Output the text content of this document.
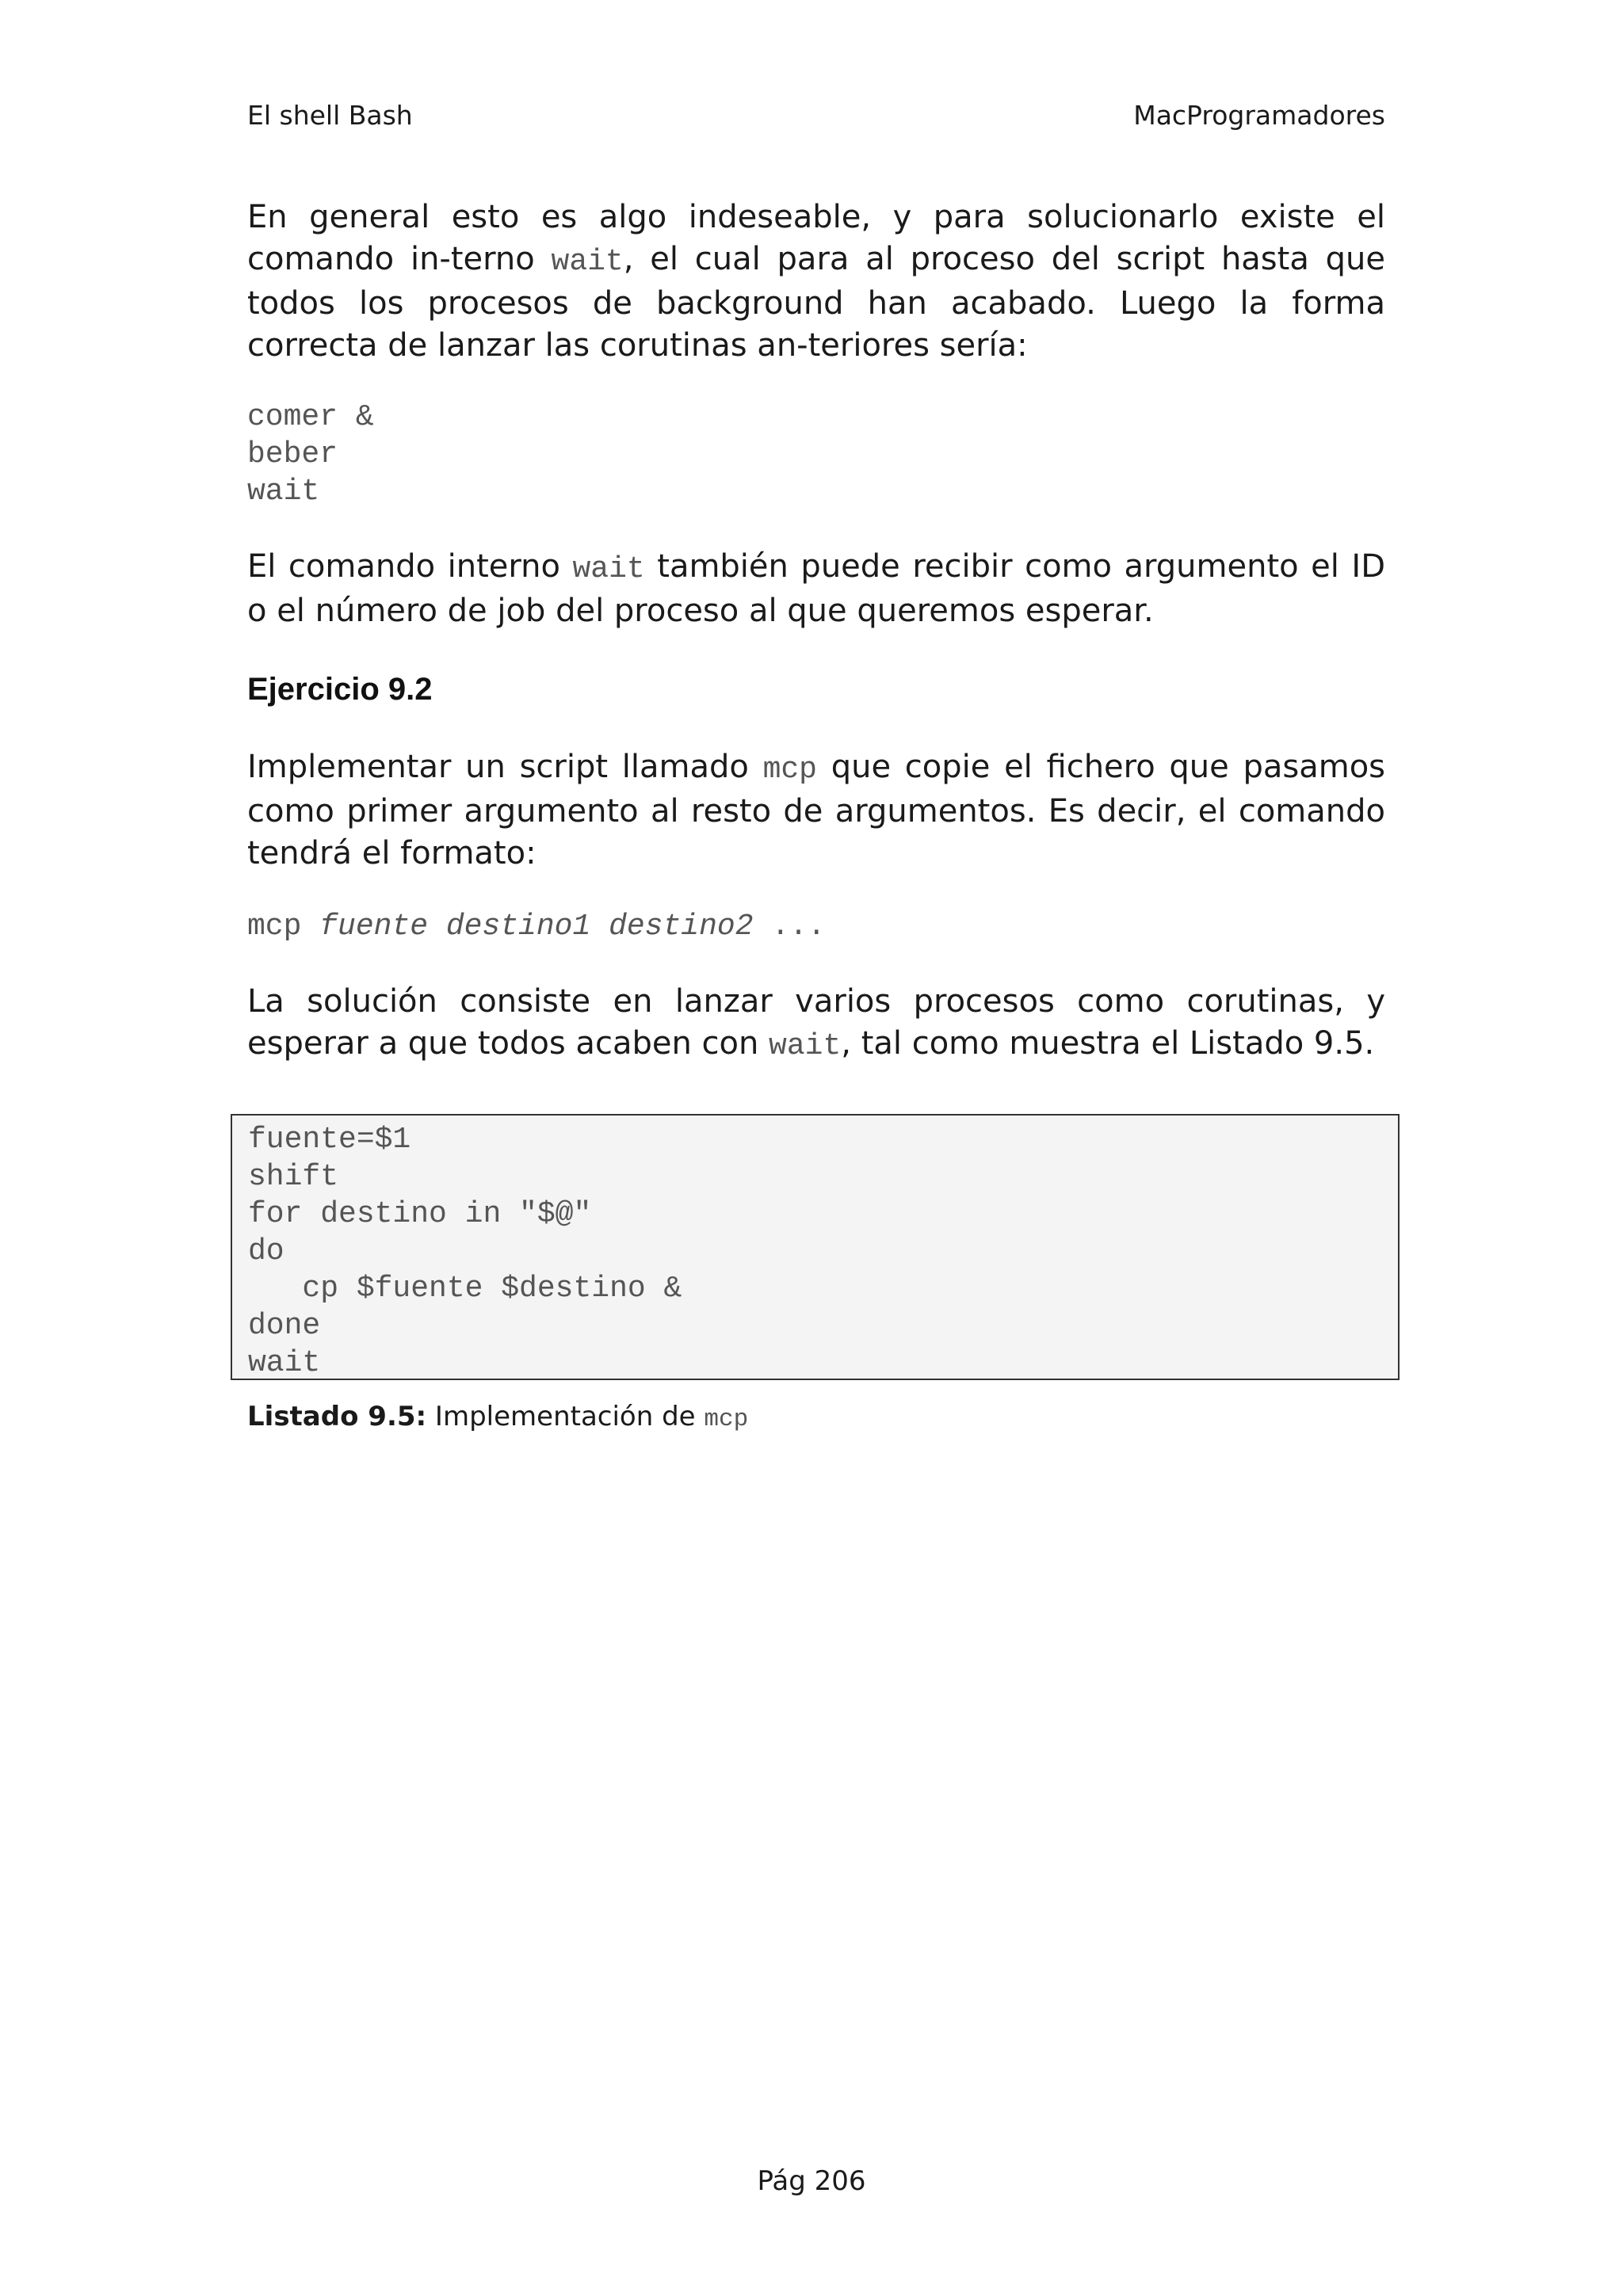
El shell Bash	MacProgramadores

En general esto es algo indeseable, y para solucionarlo existe el comando in-terno wait, el cual para al proceso del script hasta que todos los procesos de background han acabado. Luego la forma correcta de lanzar las corutinas an-teriores sería:

comer &
beber
wait

El comando interno wait también puede recibir como argumento el ID o el número de job del proceso al que queremos esperar.

Ejercicio 9.2

Implementar un script llamado mcp que copie el fichero que pasamos como primer argumento al resto de argumentos. Es decir, el comando tendrá el formato:

mcp fuente destino1 destino2 ...

La solución consiste en lanzar varios procesos como corutinas, y esperar a que todos acaben con wait, tal como muestra el Listado 9.5.

fuente=$1
shift
for destino in "$@"
do
cp $fuente $destino &
done
wait
Listado 9.5: Implementación de mcp
Pág 206
